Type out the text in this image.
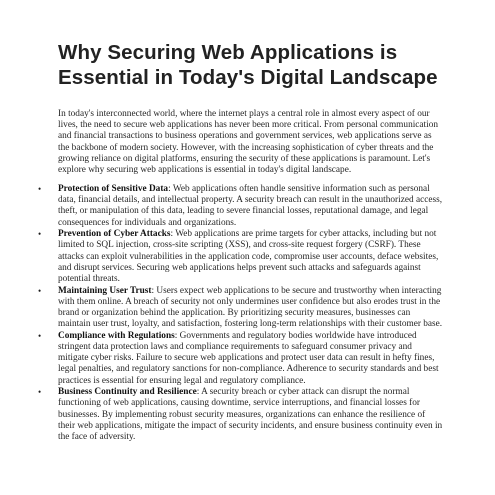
Why Securing Web Applications is
Essential in Today's Digital Landscape

In today's interconnected world, where the internet plays a central role in almost every aspect of our lives, the need to secure web applications has never been more critical. From personal communication and financial transactions to business operations and government services, web applications serve as the backbone of modern society. However, with the increasing sophistication of cyber threats and the growing reliance on digital platforms, ensuring the security of these applications is paramount. Let's explore why securing web applications is essential in today's digital landscape.

• Protection of Sensitive Data: Web applications often handle sensitive information such as personal data, financial details, and intellectual property. A security breach can result in the unauthorized access, theft, or manipulation of this data, leading to severe financial losses, reputational damage, and legal consequences for individuals and organizations.
• Prevention of Cyber Attacks: Web applications are prime targets for cyber attacks, including but not limited to SQL injection, cross-site scripting (XSS), and cross-site request forgery (CSRF). These attacks can exploit vulnerabilities in the application code, compromise user accounts, deface websites, and disrupt services. Securing web applications helps prevent such attacks and safeguards against potential threats.
• Maintaining User Trust: Users expect web applications to be secure and trustworthy when interacting with them online. A breach of security not only undermines user confidence but also erodes trust in the brand or organization behind the application. By prioritizing security measures, businesses can maintain user trust, loyalty, and satisfaction, fostering long-term relationships with their customer base.
• Compliance with Regulations: Governments and regulatory bodies worldwide have introduced stringent data protection laws and compliance requirements to safeguard consumer privacy and mitigate cyber risks. Failure to secure web applications and protect user data can result in hefty fines, legal penalties, and regulatory sanctions for non-compliance. Adherence to security standards and best practices is essential for ensuring legal and regulatory compliance.
• Business Continuity and Resilience: A security breach or cyber attack can disrupt the normal functioning of web applications, causing downtime, service interruptions, and financial losses for businesses. By implementing robust security measures, organizations can enhance the resilience of their web applications, mitigate the impact of security incidents, and ensure business continuity even in the face of adversity.
